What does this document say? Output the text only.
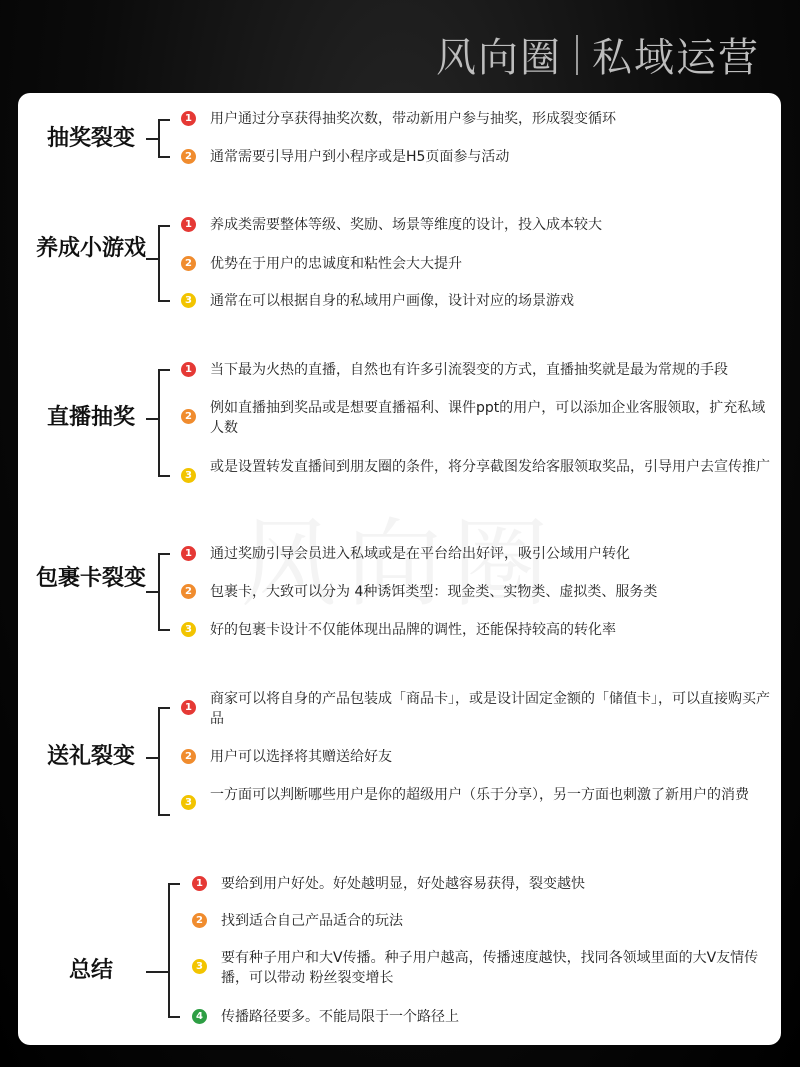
风向圈 私域运营
抽奖裂变
1 用户通过分享获得抽奖次数，带动新用户参与抽奖，形成裂变循环
2 通常需要引导用户到小程序或是H5页面参与活动
养成小游戏
1 养成类需要整体等级、奖励、场景等维度的设计，投入成本较大
2 优势在于用户的忠诚度和粘性会大大提升
3 通常在可以根据自身的私域用户画像，设计对应的场景游戏
直播抽奖
1 当下最为火热的直播，自然也有许多引流裂变的方式，直播抽奖就是最为常规的手段
2
例如直播抽到奖品或是想要直播福利、课件ppt的用户，可以添加企业客服领取，扩充私域人数
3
或是设置转发直播间到朋友圈的条件，将分享截图发给客服领取奖品，引导用户去宣传推广
包裹卡裂变
1 通过奖励引导会员进入私域或是在平台给出好评，吸引公域用户转化
2 包裹卡，大致可以分为 4种诱饵类型：现金类、实物类、虚拟类、服务类
3 好的包裹卡设计不仅能体现出品牌的调性，还能保持较高的转化率
送礼裂变
1
商家可以将自身的产品包装成「商品卡」，或是设计固定金额的「储值卡」，可以直接购买产品
2 用户可以选择将其赠送给好友
3 一方面可以判断哪些用户是你的超级用户（乐于分享），另一方面也刺激了新用户的消费
总结
1 要给到用户好处。好处越明显，好处越容易获得，裂变越快
2 找到适合自己产品适合的玩法
3
要有种子用户和大V传播。种子用户越高，传播速度越快，找同各领域里面的大V友情传播，可以带动 粉丝裂变增长
4 传播路径要多。不能局限于一个路径上
